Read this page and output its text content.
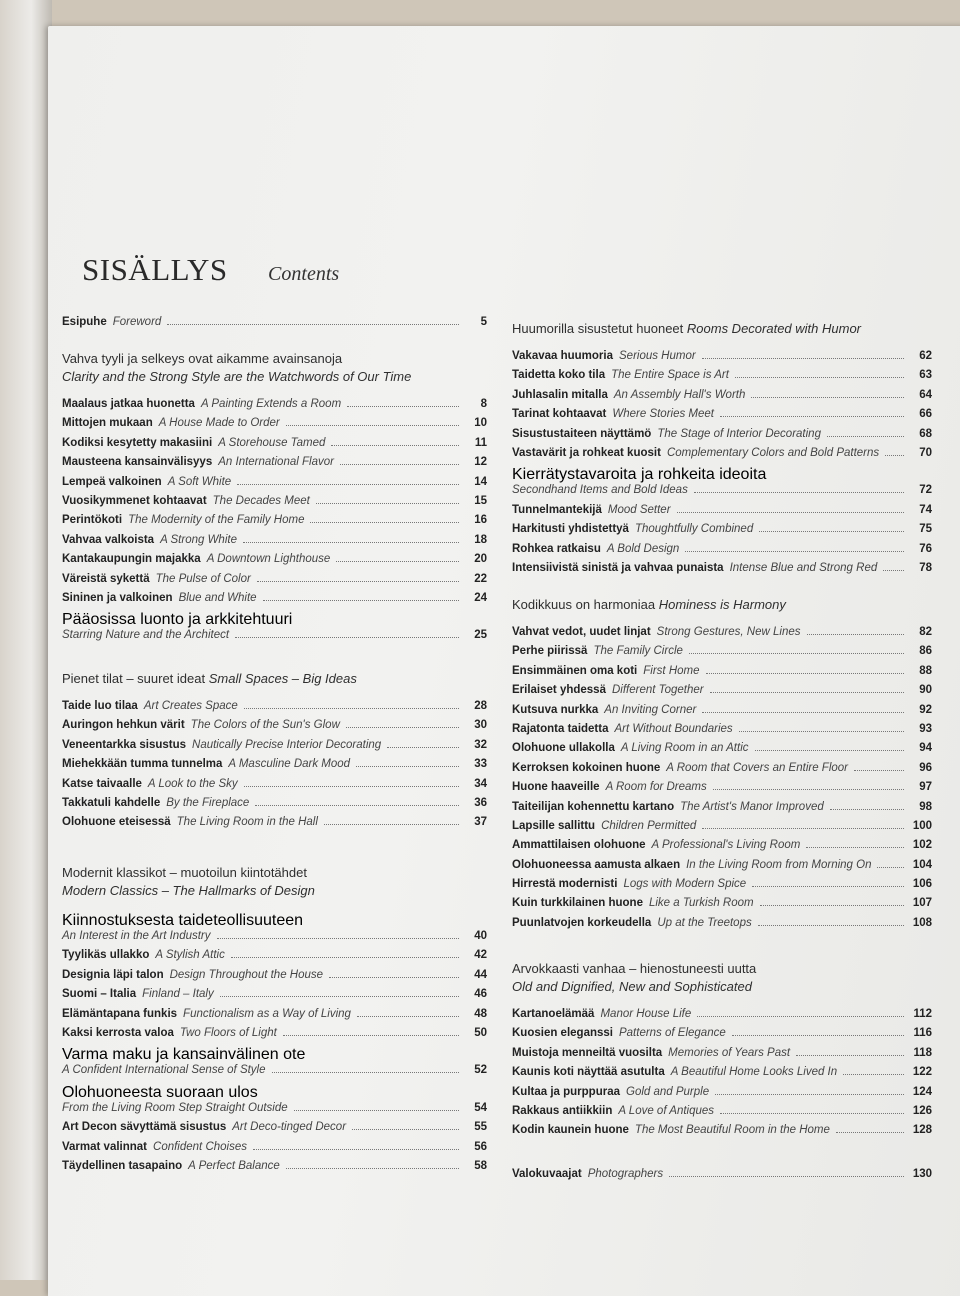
SISÄLLYS Contents
Esipuhe Foreword	5
Vahva tyyli ja selkeys ovat aikamme avainsanoja
Clarity and the Strong Style are the Watchwords of Our Time
Maalaus jatkaa huonetta A Painting Extends a Room	8
Mittojen mukaan A House Made to Order	10
Kodiksi kesytetty makasiini A Storehouse Tamed	11
Mausteena kansainvälisyys An International Flavor	12
Lempeä valkoinen A Soft White	14
Vuosikymmenet kohtaavat The Decades Meet	15
Perintökoti The Modernity of the Family Home	16
Vahvaa valkoista A Strong White	18
Kantakaupungin majakka A Downtown Lighthouse	20
Väreistä sykettä The Pulse of Color	22
Sininen ja valkoinen Blue and White	24
Pääosissa luonto ja arkkitehtuuri
Starring Nature and the Architect	25
Pienet tilat – suuret ideat Small Spaces – Big Ideas
Taide luo tilaa Art Creates Space	28
Auringon hehkun värit The Colors of the Sun's Glow	30
Veneentarkka sisustus Nautically Precise Interior Decorating	32
Miehekkään tumma tunnelma A Masculine Dark Mood	33
Katse taivaalle A Look to the Sky	34
Takkatuli kahdelle By the Fireplace	36
Olohuone eteisessä The Living Room in the Hall	37
Modernit klassikot – muotoilun kiintotähdet
Modern Classics – The Hallmarks of Design
Kiinnostuksesta taideteollisuuteen
An Interest in the Art Industry	40
Tyylikäs ullakko A Stylish Attic	42
Designia läpi talon Design Throughout the House	44
Suomi – Italia Finland – Italy	46
Elämäntapana funkis Functionalism as a Way of Living	48
Kaksi kerrosta valoa Two Floors of Light	50
Varma maku ja kansainvälinen ote
A Confident International Sense of Style	52
Olohuoneesta suoraan ulos
From the Living Room Step Straight Outside	54
Art Decon sävyttämä sisustus Art Deco-tinged Decor	55
Varmat valinnat Confident Choises	56
Täydellinen tasapaino A Perfect Balance	58
Huumorilla sisustetut huoneet Rooms Decorated with Humor
Vakavaa huumoria Serious Humor	62
Taidetta koko tila The Entire Space is Art	63
Juhlasalin mitalla An Assembly Hall's Worth	64
Tarinat kohtaavat Where Stories Meet	66
Sisustustaiteen näyttämö The Stage of Interior Decorating	68
Vastavärit ja rohkeat kuosit Complementary Colors and Bold Patterns	70
Kierrätystavaroita ja rohkeita ideoita
Secondhand Items and Bold Ideas	72
Tunnelmantekijä Mood Setter	74
Harkitusti yhdistettyä Thoughtfully Combined	75
Rohkea ratkaisu A Bold Design	76
Intensiivistä sinistä ja vahvaa punaista Intense Blue and Strong Red	78
Kodikkuus on harmoniaa Hominess is Harmony
Vahvat vedot, uudet linjat Strong Gestures, New Lines	82
Perhe piirissä The Family Circle	86
Ensimmäinen oma koti First Home	88
Erilaiset yhdessä Different Together	90
Kutsuva nurkka An Inviting Corner	92
Rajatonta taidetta Art Without Boundaries	93
Olohuone ullakolla A Living Room in an Attic	94
Kerroksen kokoinen huone A Room that Covers an Entire Floor	96
Huone haaveille A Room for Dreams	97
Taiteilijan kohennettu kartano The Artist's Manor Improved	98
Lapsille sallittu Children Permitted	100
Ammattilaisen olohuone A Professional's Living Room	102
Olohuoneessa aamusta alkaen In the Living Room from Morning On	104
Hirrestä modernisti Logs with Modern Spice	106
Kuin turkkilainen huone Like a Turkish Room	107
Puunlatvojen korkeudella Up at the Treetops	108
Arvokkaasti vanhaa – hienostuneesti uutta
Old and Dignified, New and Sophisticated
Kartanoelämää Manor House Life	112
Kuosien eleganssi Patterns of Elegance	116
Muistoja menneiltä vuosilta Memories of Years Past	118
Kaunis koti näyttää asutulta A Beautiful Home Looks Lived In	122
Kultaa ja purppuraa Gold and Purple	124
Rakkaus antiikkiin A Love of Antiques	126
Kodin kaunein huone The Most Beautiful Room in the Home	128
Valokuvaajat Photographers	130
